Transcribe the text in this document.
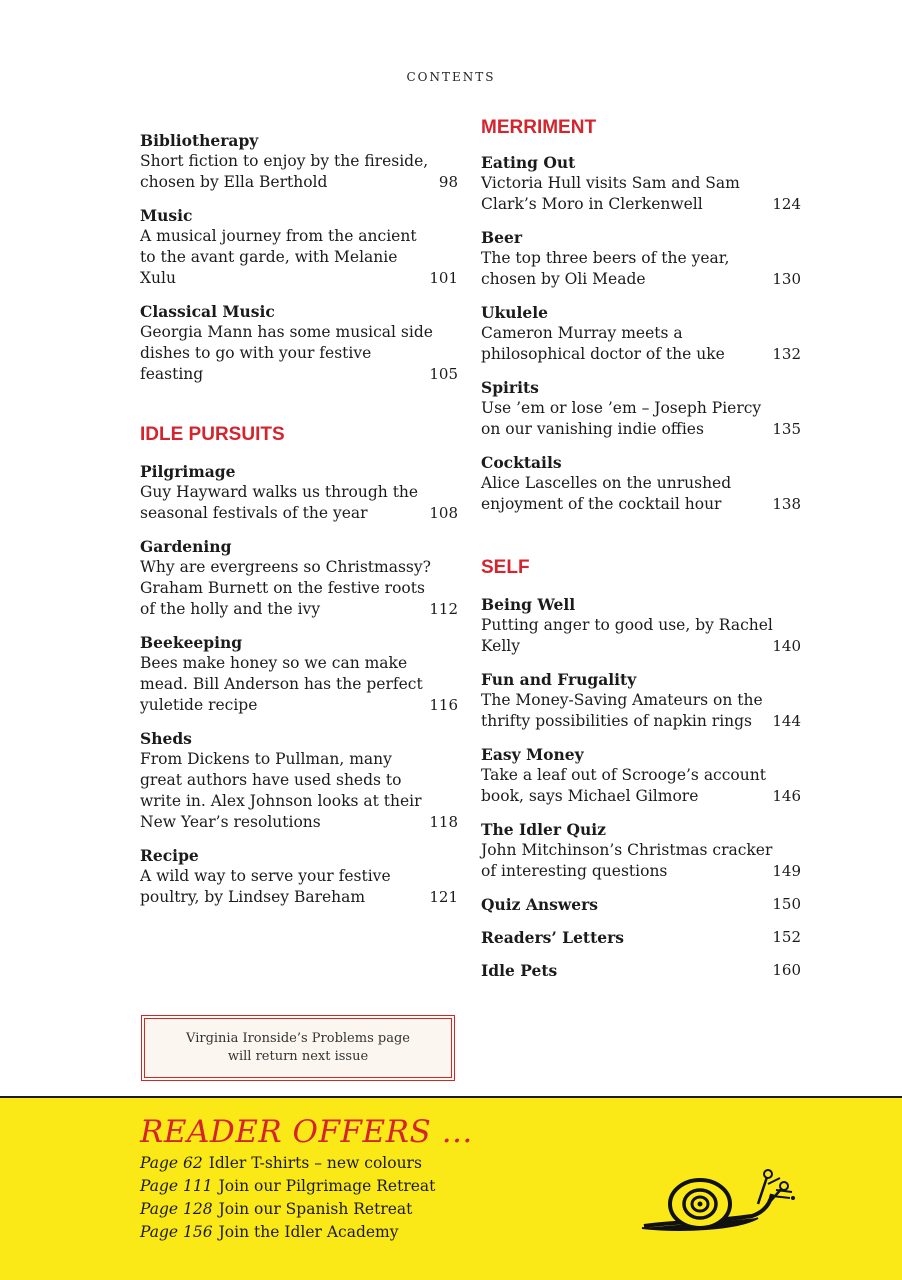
CONTENTS
Bibliotherapy
Short fiction to enjoy by the fireside, chosen by Ella Berthold	98
Music
A musical journey from the ancient to the avant garde, with Melanie Xulu	101
Classical Music
Georgia Mann has some musical side dishes to go with your festive feasting	105
IDLE PURSUITS
Pilgrimage
Guy Hayward walks us through the seasonal festivals of the year	108
Gardening
Why are evergreens so Christmassy? Graham Burnett on the festive roots of the holly and the ivy	112
Beekeeping
Bees make honey so we can make mead. Bill Anderson has the perfect yuletide recipe	116
Sheds
From Dickens to Pullman, many great authors have used sheds to write in. Alex Johnson looks at their New Year’s resolutions	118
Recipe
A wild way to serve your festive poultry, by Lindsey Bareham	121
Virginia Ironside’s Problems page will return next issue
MERRIMENT
Eating Out
Victoria Hull visits Sam and Sam Clark’s Moro in Clerkenwell	124
Beer
The top three beers of the year, chosen by Oli Meade	130
Ukulele
Cameron Murray meets a philosophical doctor of the uke	132
Spirits
Use ’em or lose ’em – Joseph Piercy on our vanishing indie offies	135
Cocktails
Alice Lascelles on the unrushed enjoyment of the cocktail hour	138
SELF
Being Well
Putting anger to good use, by Rachel Kelly	140
Fun and Frugality
The Money-Saving Amateurs on the thrifty possibilities of napkin rings	144
Easy Money
Take a leaf out of Scrooge’s account book, says Michael Gilmore	146
The Idler Quiz
John Mitchinson’s Christmas cracker of interesting questions	149
Quiz Answers	150
Readers’ Letters	152
Idle Pets	160
READER OFFERS …
Page 62 Idler T-shirts – new colours
Page 111 Join our Pilgrimage Retreat
Page 128 Join our Spanish Retreat
Page 156 Join the Idler Academy
